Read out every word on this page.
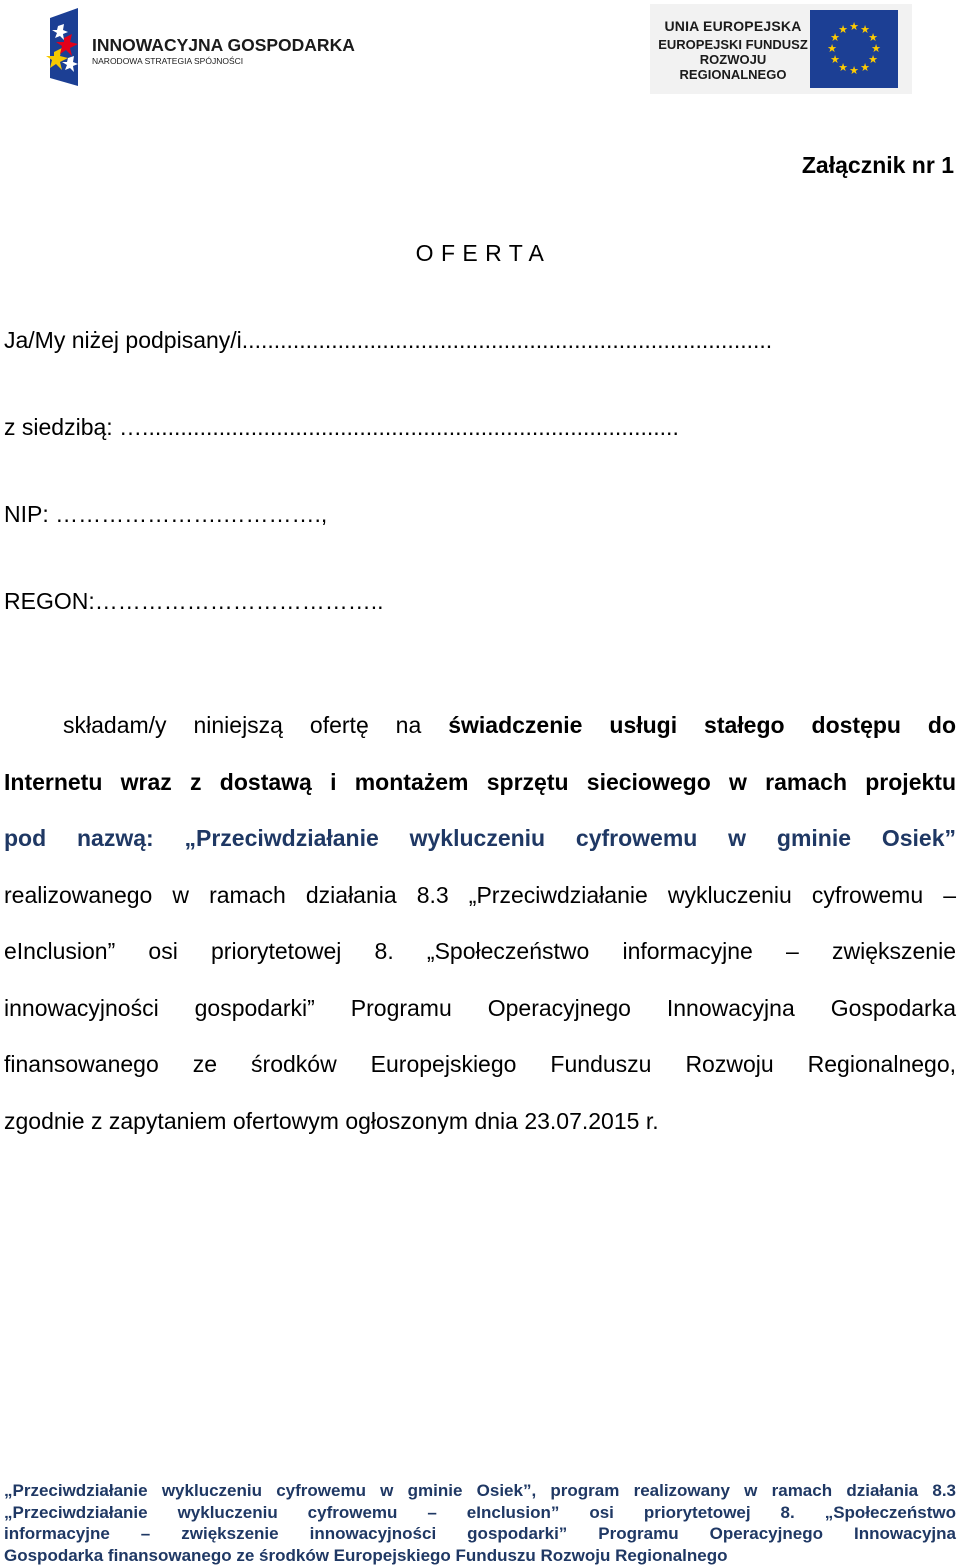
INNOWACYJNA GOSPODARKA
NARODOWA STRATEGIA SPÓJNOŚCI
UNIA EUROPEJSKA
EUROPEJSKI FUNDUSZ
ROZWOJU REGIONALNEGO
★ ★
★
★
★
★
★
★
★
★
★
★
Załącznik nr 1
O F E R T A
Ja/My niżej podpisany/i...................................................................................
z siedzibą: …....................................................................................
NIP: ………………….………….,
REGON:………………………………..
składam/y niniejszą ofertę na świadczenie usługi stałego dostępu do
Internetu wraz z dostawą i montażem sprzętu sieciowego w ramach projektu
pod nazwą: „Przeciwdziałanie wykluczeniu cyfrowemu w gminie Osiek”
realizowanego w ramach działania 8.3 „Przeciwdziałanie wykluczeniu cyfrowemu –
eInclusion” osi priorytetowej 8. „Społeczeństwo informacyjne – zwiększenie
innowacyjności gospodarki” Programu Operacyjnego Innowacyjna Gospodarka
finansowanego ze środków Europejskiego Funduszu Rozwoju Regionalnego,
zgodnie z zapytaniem ofertowym ogłoszonym dnia 23.07.2015 r.
„Przeciwdziałanie wykluczeniu cyfrowemu w gminie Osiek”, program realizowany w ramach działania 8.3
„Przeciwdziałanie wykluczeniu cyfrowemu – eInclusion” osi priorytetowej 8. „Społeczeństwo
informacyjne – zwiększenie innowacyjności gospodarki” Programu Operacyjnego Innowacyjna
Gospodarka finansowanego ze środków Europejskiego Funduszu Rozwoju Regionalnego
